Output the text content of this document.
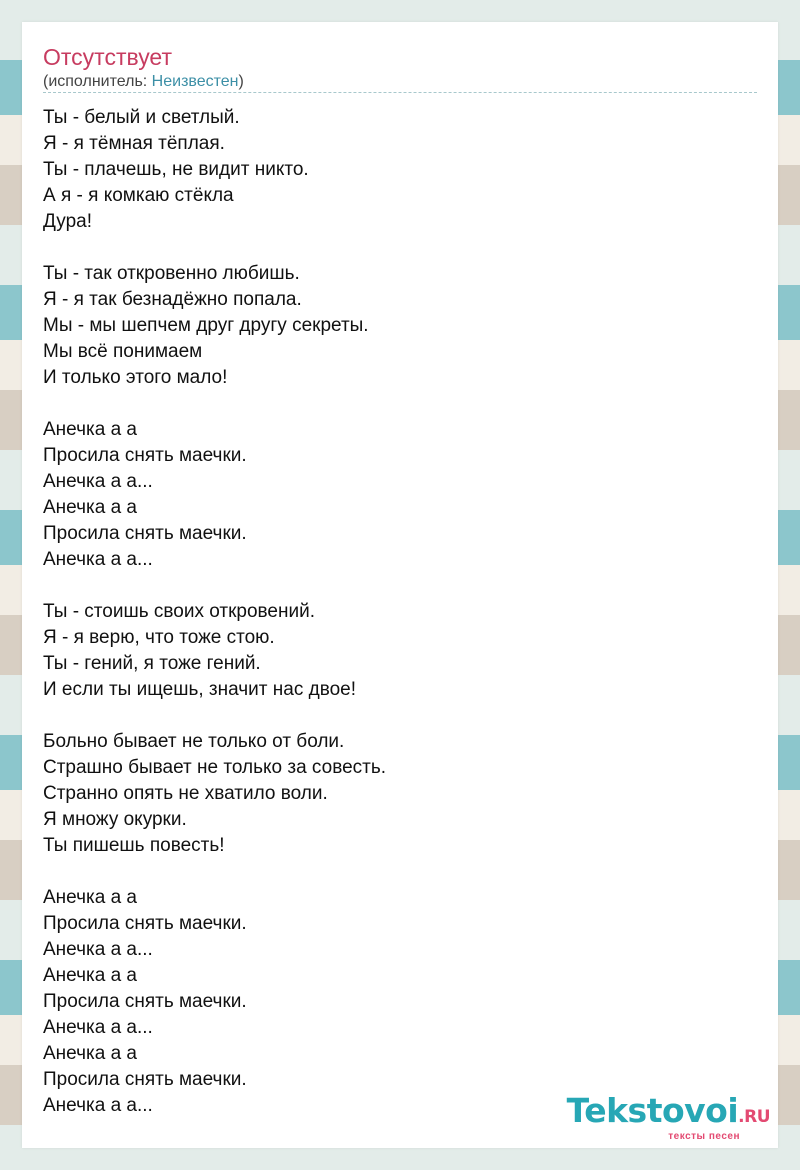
Отсутствует
(исполнитель: Неизвестен)
Ты - белый и светлый.
Я - я тёмная тёплая.
Ты - плачешь, не видит никто.
А я - я комкаю стёкла
Дура!
Ты - так откровенно любишь.
Я - я так безнадёжно попала.
Мы - мы шепчем друг другу секреты.
Мы всё понимаем
И только этого мало!
Анечка а а
Просила снять маечки.
Анечка а а...
Анечка а а
Просила снять маечки.
Анечка а а...
Ты - стоишь своих откровений.
Я - я верю, что тоже стою.
Ты - гений, я тоже гений.
И если ты ищешь, значит нас двое!
Больно бывает не только от боли.
Страшно бывает не только за совесть.
Странно опять не хватило воли.
Я множу окурки.
Ты пишешь повесть!
Анечка а а
Просила снять маечки.
Анечка а а...
Анечка а а
Просила снять маечки.
Анечка а а...
Анечка а а
Просила снять маечки.
Анечка а а...	Tekstovoi.RU
тексты песен
